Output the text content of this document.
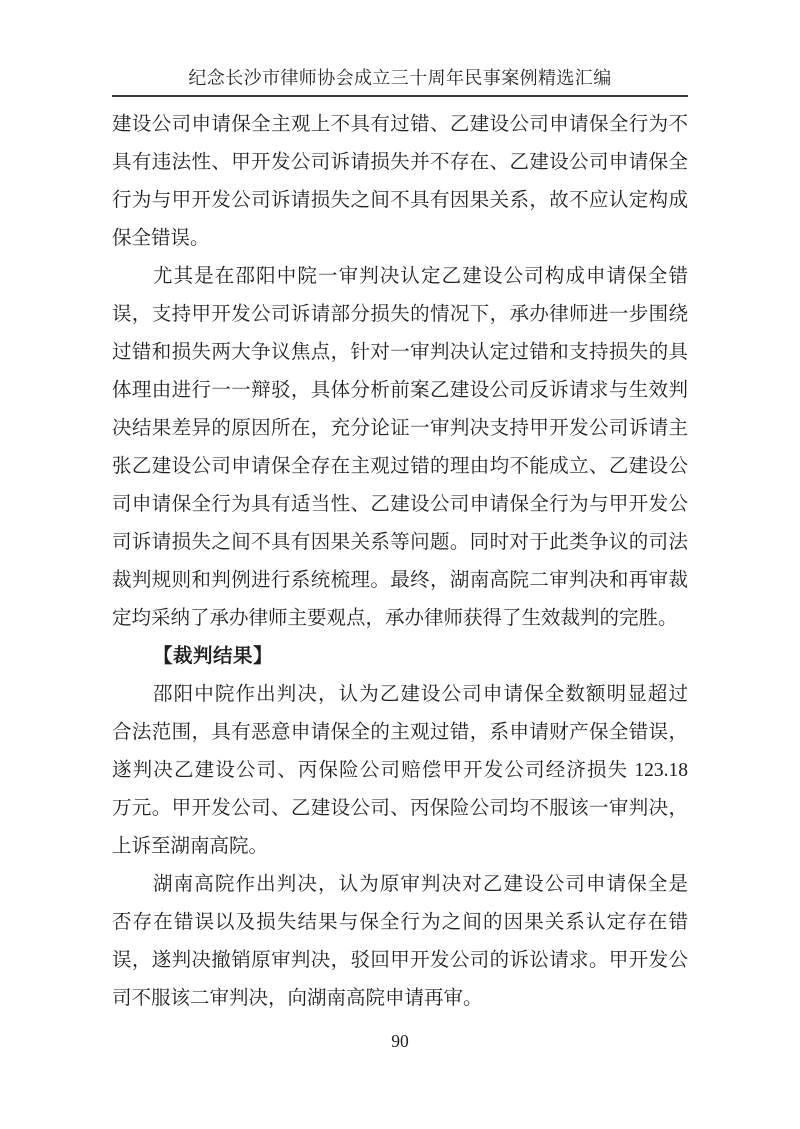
纪念长沙市律师协会成立三十周年民事案例精选汇编
建设公司申请保全主观上不具有过错、乙建设公司申请保全行为不
具有违法性、甲开发公司诉请损失并不存在、乙建设公司申请保全
行为与甲开发公司诉请损失之间不具有因果关系，故不应认定构成
保全错误。
尤其是在邵阳中院一审判决认定乙建设公司构成申请保全错
误，支持甲开发公司诉请部分损失的情况下，承办律师进一步围绕
过错和损失两大争议焦点，针对一审判决认定过错和支持损失的具
体理由进行一一辩驳，具体分析前案乙建设公司反诉请求与生效判
决结果差异的原因所在，充分论证一审判决支持甲开发公司诉请主
张乙建设公司申请保全存在主观过错的理由均不能成立、乙建设公
司申请保全行为具有适当性、乙建设公司申请保全行为与甲开发公
司诉请损失之间不具有因果关系等问题。同时对于此类争议的司法
裁判规则和判例进行系统梳理。最终，湖南高院二审判决和再审裁
定均采纳了承办律师主要观点，承办律师获得了生效裁判的完胜。
【裁判结果】
邵阳中院作出判决，认为乙建设公司申请保全数额明显超过
合法范围，具有恶意申请保全的主观过错，系申请财产保全错误，
遂判决乙建设公司、丙保险公司赔偿甲开发公司经济损失 123.18
万元。甲开发公司、乙建设公司、丙保险公司均不服该一审判决，
上诉至湖南高院。
湖南高院作出判决，认为原审判决对乙建设公司申请保全是
否存在错误以及损失结果与保全行为之间的因果关系认定存在错
误，遂判决撤销原审判决，驳回甲开发公司的诉讼请求。甲开发公
司不服该二审判决，向湖南高院申请再审。
90
